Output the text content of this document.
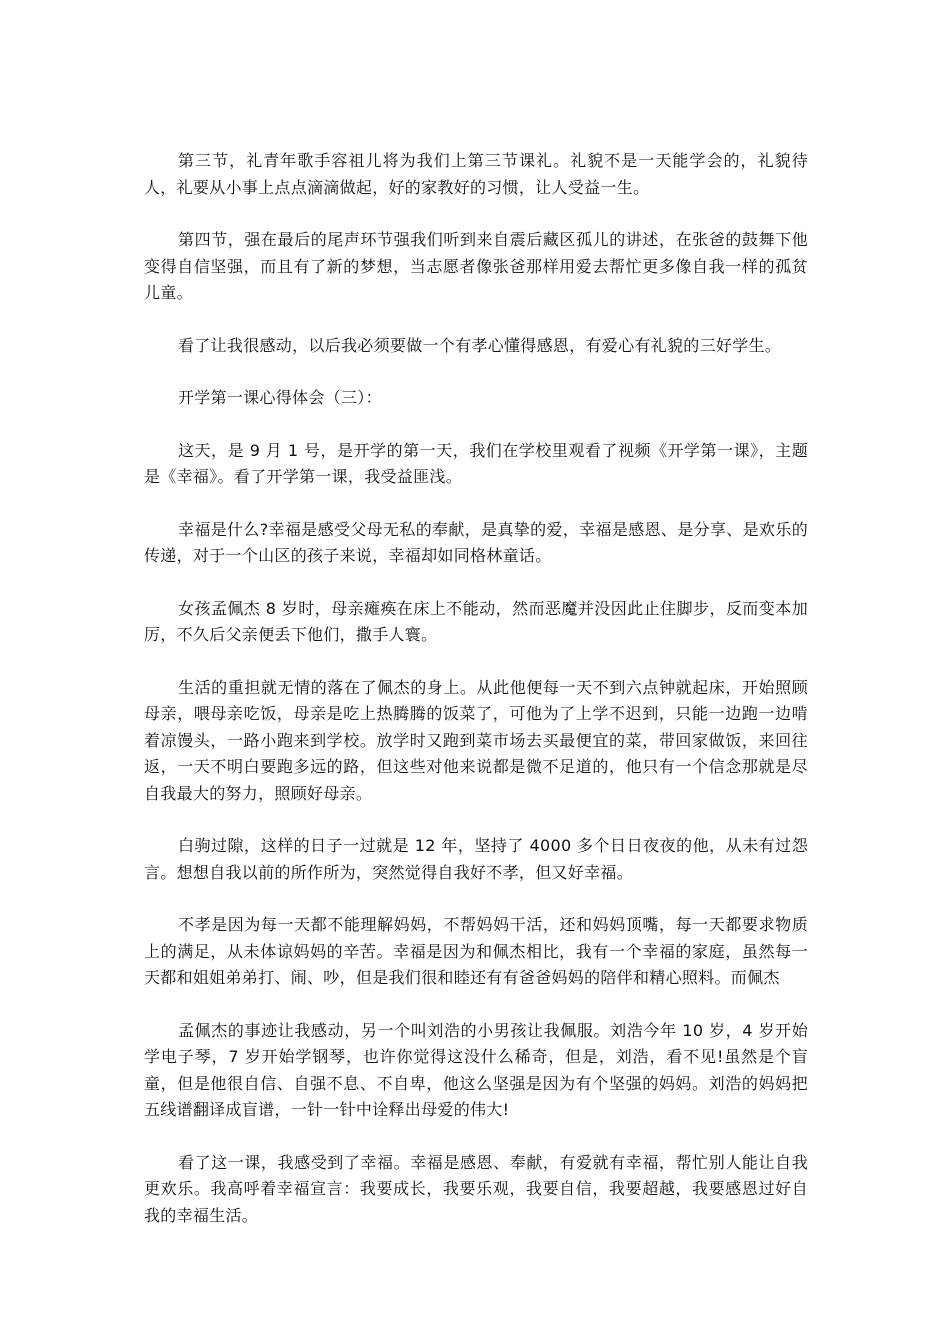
第三节，礼青年歌手容祖儿将为我们上第三节课礼。礼貌不是一天能学会的，礼貌待人，礼要从小事上点点滴滴做起，好的家教好的习惯，让人受益一生。

第四节，强在最后的尾声环节强我们听到来自震后藏区孤儿的讲述，在张爸的鼓舞下他变得自信坚强，而且有了新的梦想，当志愿者像张爸那样用爱去帮忙更多像自我一样的孤贫儿童。

看了让我很感动，以后我必须要做一个有孝心懂得感恩，有爱心有礼貌的三好学生。

开学第一课心得体会（三）：

这天，是 9 月 1 号，是开学的第一天，我们在学校里观看了视频《开学第一课》，主题是《幸福》。看了开学第一课，我受益匪浅。

幸福是什么?幸福是感受父母无私的奉献，是真挚的爱，幸福是感恩、是分享、是欢乐的传递，对于一个山区的孩子来说，幸福却如同格林童话。

女孩孟佩杰 8 岁时，母亲瘫痪在床上不能动，然而恶魔并没因此止住脚步，反而变本加厉，不久后父亲便丢下他们，撒手人寰。

生活的重担就无情的落在了佩杰的身上。从此他便每一天不到六点钟就起床，开始照顾母亲，喂母亲吃饭，母亲是吃上热腾腾的饭菜了，可他为了上学不迟到，只能一边跑一边啃着凉馒头，一路小跑来到学校。放学时又跑到菜市场去买最便宜的菜，带回家做饭，来回往返，一天不明白要跑多远的路，但这些对他来说都是微不足道的，他只有一个信念那就是尽自我最大的努力，照顾好母亲。

白驹过隙，这样的日子一过就是 12 年，坚持了 4000 多个日日夜夜的他，从未有过怨言。想想自我以前的所作所为，突然觉得自我好不孝，但又好幸福。

不孝是因为每一天都不能理解妈妈，不帮妈妈干活，还和妈妈顶嘴，每一天都要求物质上的满足，从未体谅妈妈的辛苦。幸福是因为和佩杰相比，我有一个幸福的家庭，虽然每一天都和姐姐弟弟打、闹、吵，但是我们很和睦还有有爸爸妈妈的陪伴和精心照料。而佩杰

孟佩杰的事迹让我感动，另一个叫刘浩的小男孩让我佩服。刘浩今年 10 岁，4 岁开始学电子琴，7 岁开始学钢琴，也许你觉得这没什么稀奇，但是，刘浩，看不见!虽然是个盲童，但是他很自信、自强不息、不自卑，他这么坚强是因为有个坚强的妈妈。刘浩的妈妈把五线谱翻译成盲谱，一针一针中诠释出母爱的伟大!

看了这一课，我感受到了幸福。幸福是感恩、奉献，有爱就有幸福，帮忙别人能让自我更欢乐。我高呼着幸福宣言：我要成长，我要乐观，我要自信，我要超越，我要感恩过好自我的幸福生活。
